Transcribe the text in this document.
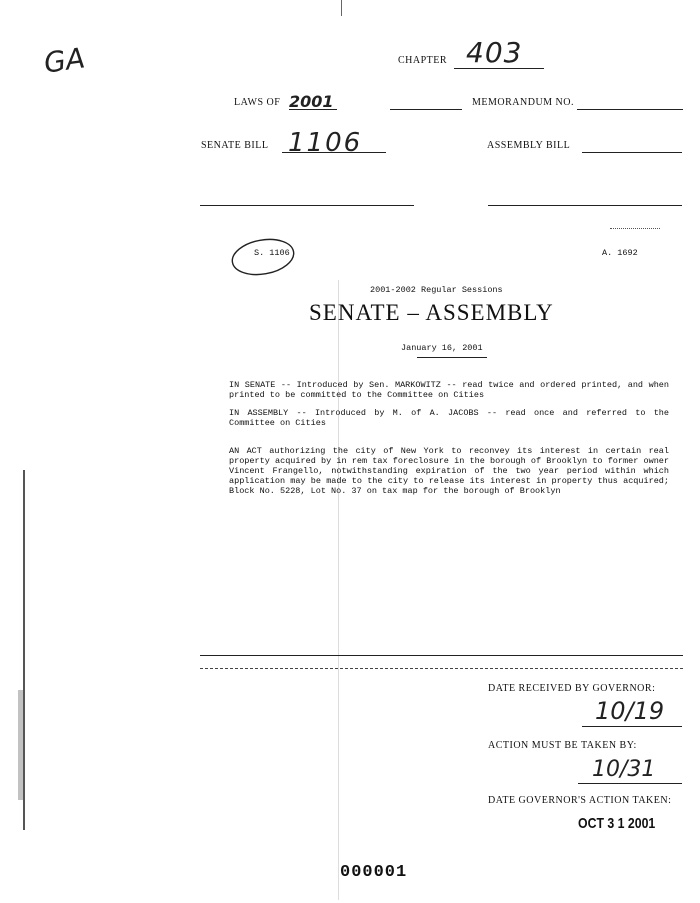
GA	CHAPTER 403
LAWS OF 2001	MEMORANDUM NO.
SENATE BILL 1106	ASSEMBLY BILL
S. 1106	A. 1692
2001-2002 Regular Sessions
SENATE – ASSEMBLY
January 16, 2001
IN SENATE -- Introduced by Sen. MARKOWITZ -- read twice and ordered printed, and when printed to be committed to the Committee on Cities
IN ASSEMBLY -- Introduced by M. of A. JACOBS -- read once and referred to the Committee on Cities
AN ACT authorizing the city of New York to reconvey its interest in certain real property acquired by in rem tax foreclosure in the borough of Brooklyn to former owner Vincent Frangello, notwithstanding expiration of the two year period within which application may be made to the city to release its interest in property thus acquired; Block No. 5228, Lot No. 37 on tax map for the borough of Brooklyn
DATE RECEIVED BY GOVERNOR:
10/19
ACTION MUST BE TAKEN BY:
10/31
DATE GOVERNOR'S ACTION TAKEN:
OCT 3 1 2001
000001
